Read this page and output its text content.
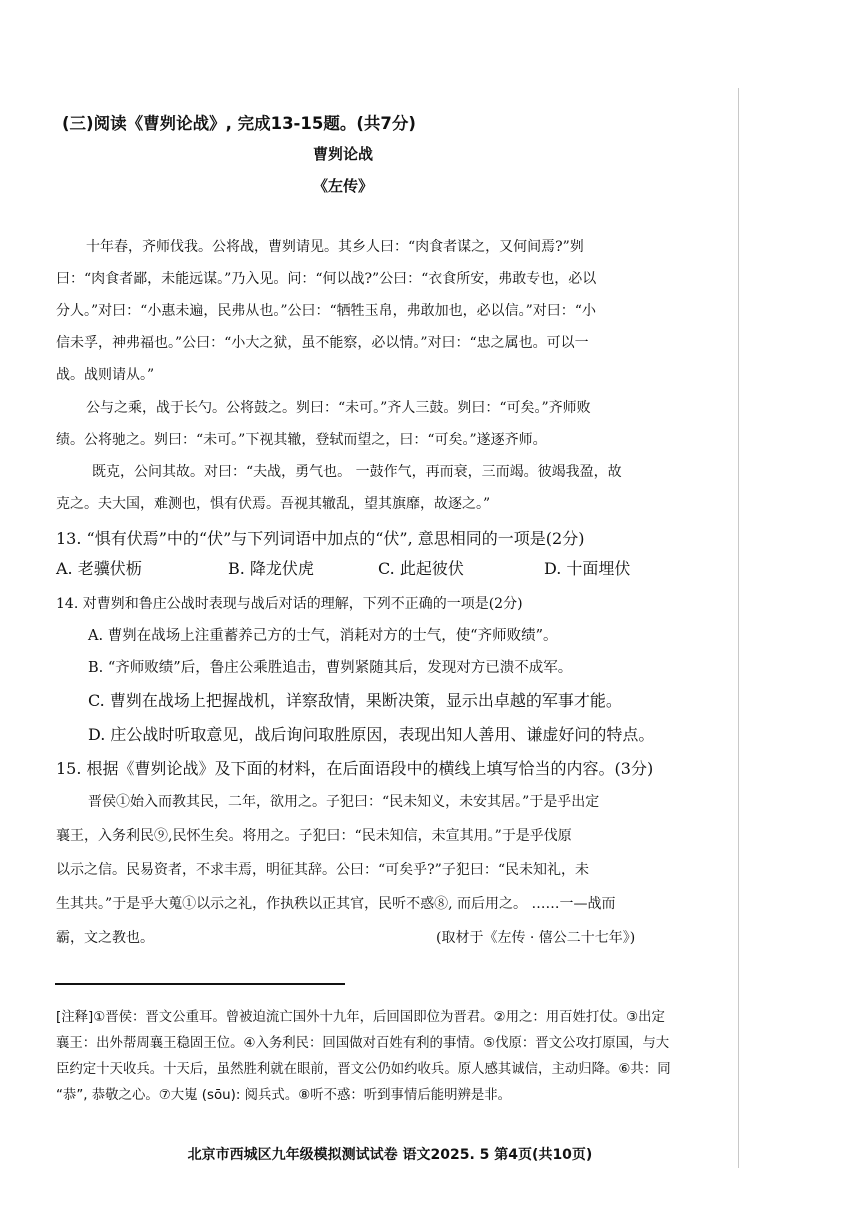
(三)阅读《曹刿论战》, 完成13-15题。(共7分)
曹刿论战
《左传》
十年春，齐师伐我。公将战，曹刿请见。其乡人曰：“肉食者谋之，又何间焉?”刿
曰：“肉食者鄙，未能远谋。”乃入见。问：“何以战?”公曰：“衣食所安，弗敢专也，必以
分人。”对曰：“小惠未遍，民弗从也。”公曰：“牺牲玉帛，弗敢加也，必以信。”对曰：“小
信未孚，神弗福也。”公曰：“小大之狱，虽不能察，必以情。”对曰：“忠之属也。可以一
战。战则请从。”
公与之乘，战于长勺。公将鼓之。刿曰：“未可。”齐人三鼓。刿曰：“可矣。”齐师败
绩。公将驰之。刿曰：“未可。”下视其辙，登轼而望之，曰：“可矣。”遂逐齐师。
既克，公问其故。对曰：“夫战，勇气也。 一鼓作气，再而衰，三而竭。彼竭我盈，故
克之。夫大国，难测也，惧有伏焉。吾视其辙乱，望其旗靡，故逐之。”
13. “惧有伏焉”中的“伏”与下列词语中加点的“伏”, 意思相同的一项是(2分)
A. 老骥伏枥	B. 降龙伏虎	C. 此起彼伏	D. 十面埋伏
14. 对曹刿和鲁庄公战时表现与战后对话的理解，下列不正确的一项是(2分)
A. 曹刿在战场上注重蓄养己方的士气，消耗对方的士气，使“齐师败绩”。
B. “齐师败绩”后，鲁庄公乘胜追击，曹刿紧随其后，发现对方已溃不成军。
C. 曹刿在战场上把握战机，详察敌情，果断决策，显示出卓越的军事才能。
D. 庄公战时听取意见，战后询问取胜原因，表现出知人善用、谦虚好问的特点。
15. 根据《曹刿论战》及下面的材料，在后面语段中的横线上填写恰当的内容。(3分)
晋侯①始入而教其民，二年，欲用之。子犯曰：“民未知义，未安其居。”于是乎出定
襄王，入务利民⑨,民怀生矣。将用之。子犯曰：“民未知信，未宣其用。”于是乎伐原
以示之信。民易资者，不求丰焉，明征其辞。公曰：“可矣乎?”子犯曰：“民未知礼，未
生其共。”于是乎大蒐①以示之礼，作执秩以正其官，民听不惑⑧, 而后用之。 ……一—战而
霸，文之教也。	(取材于《左传 · 僖公二十七年》)
[注释]①晋侯：晋文公重耳。曾被迫流亡国外十九年，后回国即位为晋君。②用之：用百姓打仗。③出定
襄王：出外帮周襄王稳固王位。④入务利民：回国做对百姓有利的事情。⑤伐原：晋文公攻打原国，与大
臣约定十天收兵。十天后，虽然胜利就在眼前，晋文公仍如约收兵。原人感其诚信，主动归降。⑥共：同
“恭”, 恭敬之心。⑦大嵬 (sōu): 阅兵式。⑧听不惑：听到事情后能明辨是非。
北京市西城区九年级模拟测试试卷 语文2025. 5 第4页(共10页)
